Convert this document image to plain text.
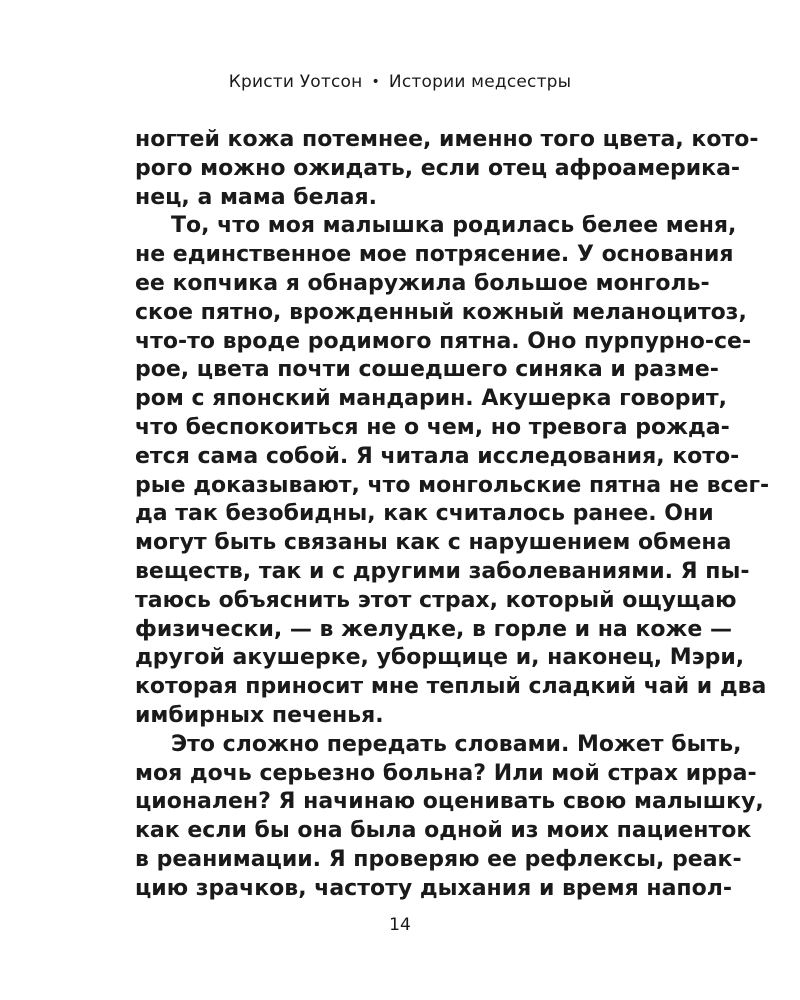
Кристи Уотсон • Истории медсестры
ногтей кожа потемнее, именно того цвета, кото-
рого можно ожидать, если отец афроамерика-
нец, а мама белая.
То, что моя малышка родилась белее меня,
не единственное мое потрясение. У основания
ее копчика я обнаружила большое монголь-
ское пятно, врожденный кожный меланоцитоз,
что-то вроде родимого пятна. Оно пурпурно-се-
рое, цвета почти сошедшего синяка и разме-
ром с японский мандарин. Акушерка говорит,
что беспокоиться не о чем, но тревога рожда-
ется сама собой. Я читала исследования, кото-
рые доказывают, что монгольские пятна не всег-
да так безобидны, как считалось ранее. Они
могут быть связаны как с нарушением обмена
веществ, так и с другими заболеваниями. Я пы-
таюсь объяснить этот страх, который ощущаю
физически, — в желудке, в горле и на коже —
другой акушерке, уборщице и, наконец, Мэри,
которая приносит мне теплый сладкий чай и два
имбирных печенья.
Это сложно передать словами. Может быть,
моя дочь серьезно больна? Или мой страх ирра-
ционален? Я начинаю оценивать свою малышку,
как если бы она была одной из моих пациенток
в реанимации. Я проверяю ее рефлексы, реак-
цию зрачков, частоту дыхания и время напол-
14
